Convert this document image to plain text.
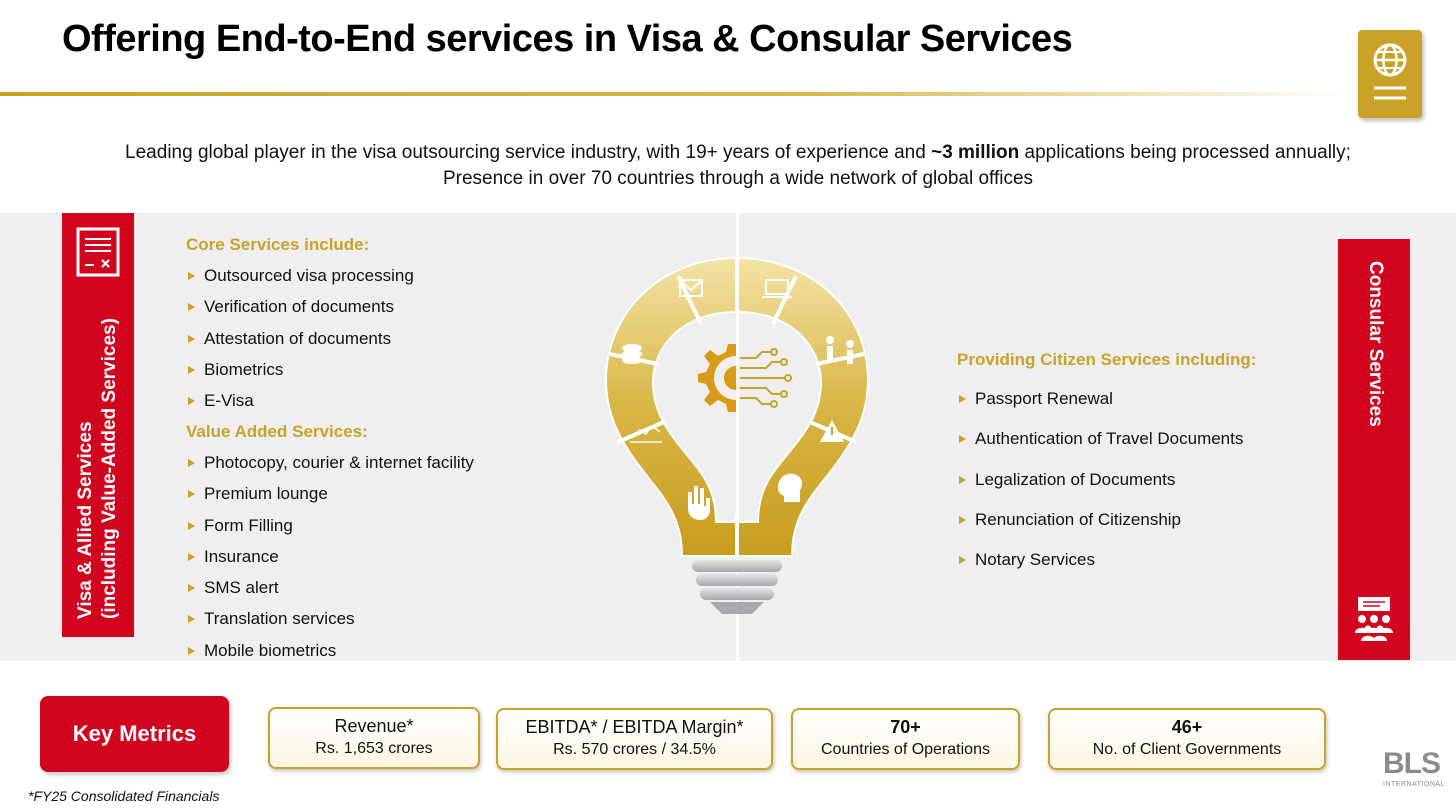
Offering End-to-End services in Visa & Consular Services
Leading global player in the visa outsourcing service industry, with 19+ years of experience and ~3 million applications being processed annually;
Presence in over 70 countries through a wide network of global offices
Visa & Allied Services (including Value-Added Services)
Core Services include:
Outsourced visa processing
Verification of documents
Attestation of documents
Biometrics
E-Visa
Value Added Services:
Photocopy, courier & internet facility
Premium lounge
Form Filling
Insurance
SMS alert
Translation services
Mobile biometrics
Providing Citizen Services including:
Passport Renewal
Authentication of Travel Documents
Legalization of Documents
Renunciation of Citizenship
Notary Services
Consular Services
Key Metrics	Revenue*
Rs. 1,653 crores
EBITDA* / EBITDA Margin*
Rs. 570 crores / 34.5%
70+
Countries of Operations
46+
No. of Client Governments
*FY25 Consolidated Financials
BLS
INTERNATIONAL
